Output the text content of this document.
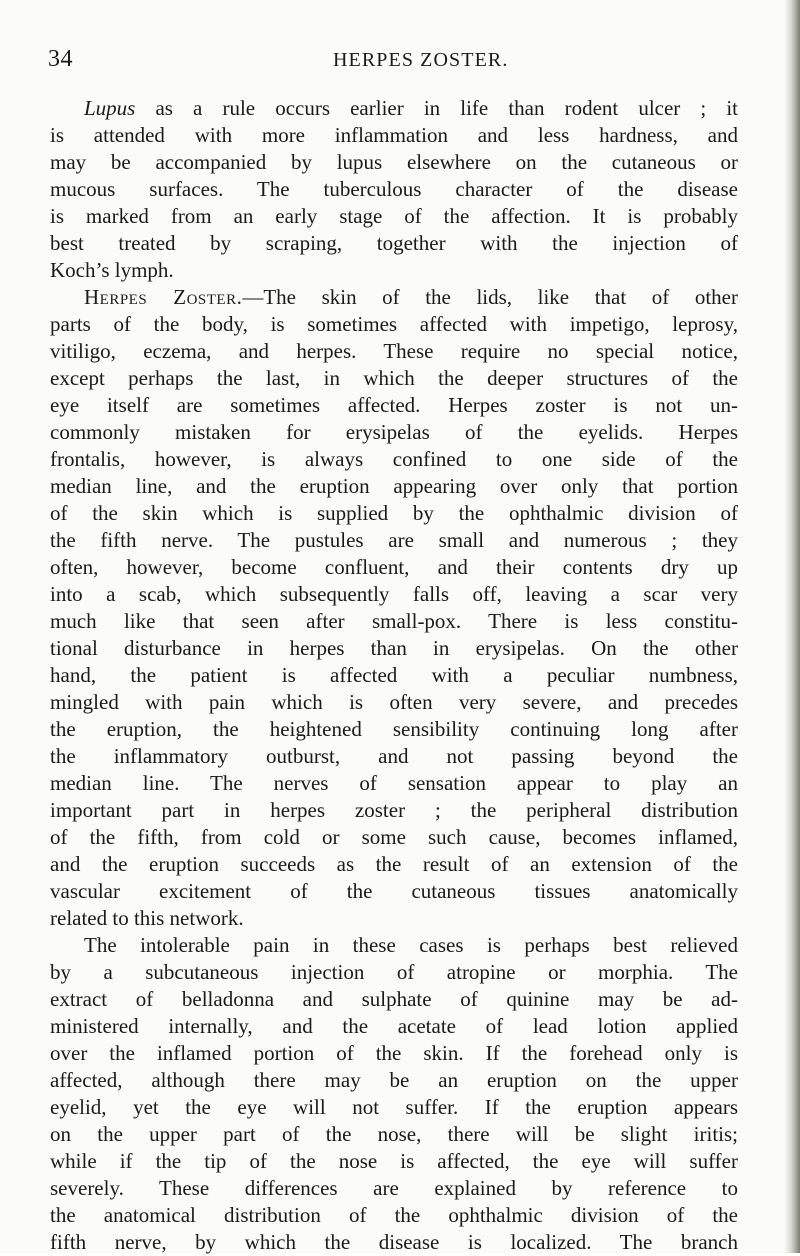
34	HERPES ZOSTER.
Lupus as a rule occurs earlier in life than rodent ulcer ; it
is attended with more inflammation and less hardness, and
may be accompanied by lupus elsewhere on the cutaneous or
mucous surfaces. The tuberculous character of the disease
is marked from an early stage of the affection. It is probably
best treated by scraping, together with the injection of
Koch’s lymph.
Herpes Zoster.—The skin of the lids, like that of other
parts of the body, is sometimes affected with impetigo, leprosy,
vitiligo, eczema, and herpes. These require no special notice,
except perhaps the last, in which the deeper structures of the
eye itself are sometimes affected. Herpes zoster is not un-
commonly mistaken for erysipelas of the eyelids. Herpes
frontalis, however, is always confined to one side of the
median line, and the eruption appearing over only that portion
of the skin which is supplied by the ophthalmic division of
the fifth nerve. The pustules are small and numerous ; they
often, however, become confluent, and their contents dry up
into a scab, which subsequently falls off, leaving a scar very
much like that seen after small-pox. There is less constitu-
tional disturbance in herpes than in erysipelas. On the other
hand, the patient is affected with a peculiar numbness,
mingled with pain which is often very severe, and precedes
the eruption, the heightened sensibility continuing long after
the inflammatory outburst, and not passing beyond the
median line. The nerves of sensation appear to play an
important part in herpes zoster ; the peripheral distribution
of the fifth, from cold or some such cause, becomes inflamed,
and the eruption succeeds as the result of an extension of the
vascular excitement of the cutaneous tissues anatomically
related to this network.
The intolerable pain in these cases is perhaps best relieved
by a subcutaneous injection of atropine or morphia. The
extract of belladonna and sulphate of quinine may be ad-
ministered internally, and the acetate of lead lotion applied
over the inflamed portion of the skin. If the forehead only is
affected, although there may be an eruption on the upper
eyelid, yet the eye will not suffer. If the eruption appears
on the upper part of the nose, there will be slight iritis;
while if the tip of the nose is affected, the eye will suffer
severely. These differences are explained by reference to
the anatomical distribution of the ophthalmic division of the
fifth nerve, by which the disease is localized. The branch
